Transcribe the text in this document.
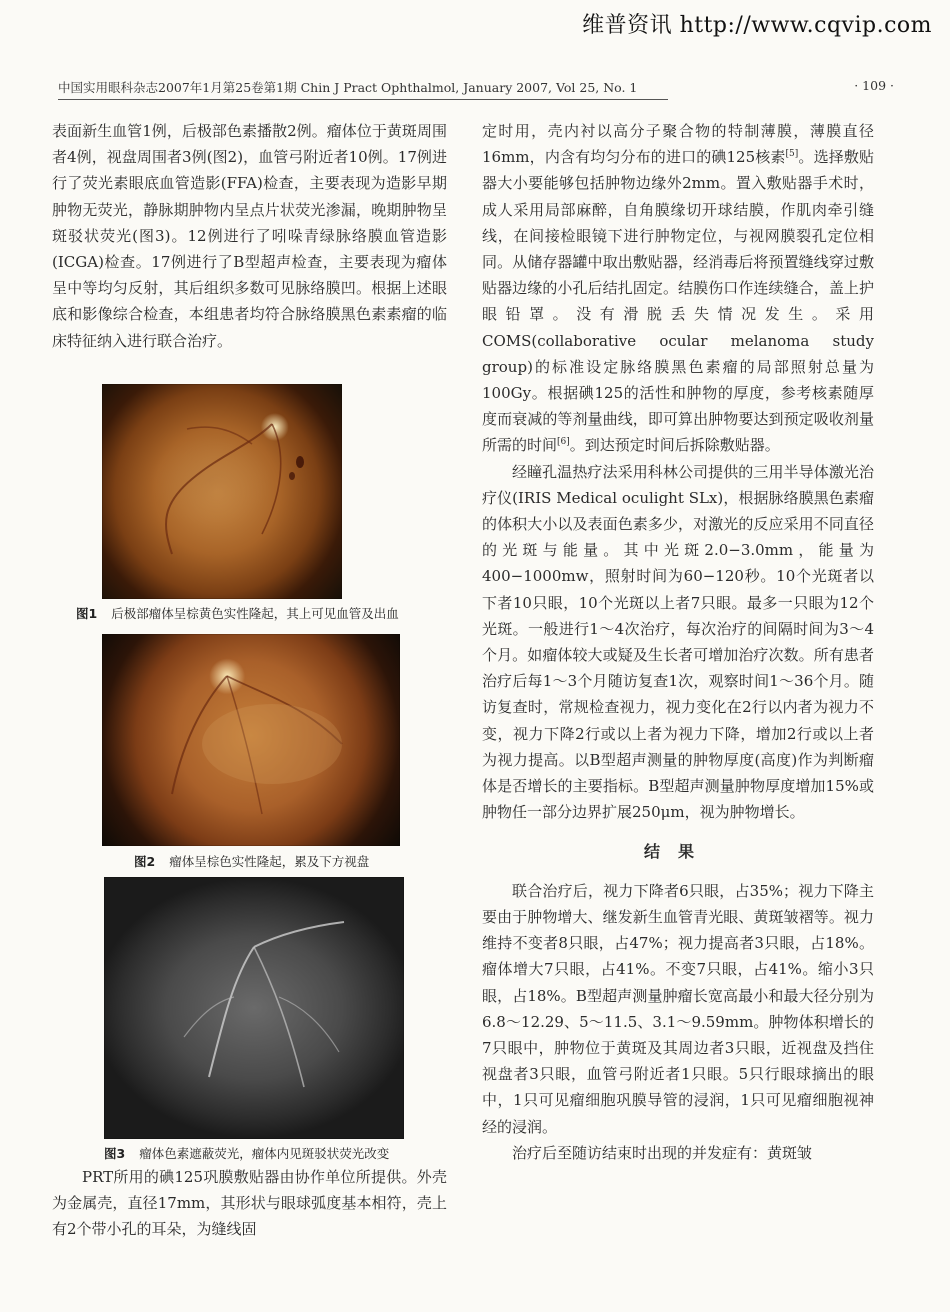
维普资讯 http://www.cqvip.com
中国实用眼科杂志2007年1月第25卷第1期 Chin J Pract Ophthalmol, January 2007, Vol 25, No. 1	· 109 ·

表面新生血管1例，后极部色素播散2例。瘤体位于黄斑周围者4例，视盘周围者3例(图2)，血管弓附近者10例。17例进行了荧光素眼底血管造影(FFA)检查，主要表现为造影早期肿物无荧光，静脉期肿物内呈点片状荧光渗漏，晚期肿物呈斑驳状荧光(图3)。12例进行了吲哚青绿脉络膜血管造影(ICGA)检查。17例进行了B型超声检查，主要表现为瘤体呈中等均匀反射，其后组织多数可见脉络膜凹。根据上述眼底和影像综合检查，本组患者均符合脉络膜黑色素素瘤的临床特征纳入进行联合治疗。

图1 后极部瘤体呈棕黄色实性隆起，其上可见血管及出血
图2 瘤体呈棕色实性隆起，累及下方视盘
图3 瘤体色素遮蔽荧光，瘤体内见斑驳状荧光改变

PRT所用的碘125巩膜敷贴器由协作单位所提供。外壳为金属壳，直径17mm，其形状与眼球弧度基本相符，壳上有2个带小孔的耳朵，为缝线固

定时用，壳内衬以高分子聚合物的特制薄膜，薄膜直径16mm，内含有均匀分布的进口的碘125核素[5]。选择敷贴器大小要能够包括肿物边缘外2mm。置入敷贴器手术时，成人采用局部麻醉，自角膜缘切开球结膜，作肌肉牵引缝线，在间接检眼镜下进行肿物定位，与视网膜裂孔定位相同。从储存器罐中取出敷贴器，经消毒后将预置缝线穿过敷贴器边缘的小孔后结扎固定。结膜伤口作连续缝合，盖上护眼铅罩。没有滑脱丢失情况发生。采用COMS(collaborative ocular melanoma study group)的标准设定脉络膜黑色素瘤的局部照射总量为100Gy。根据碘125的活性和肿物的厚度，参考核素随厚度而衰减的等剂量曲线，即可算出肿物要达到预定吸收剂量所需的时间[6]。到达预定时间后拆除敷贴器。

经瞳孔温热疗法采用科林公司提供的三用半导体激光治疗仪(IRIS Medical oculight SLx)，根据脉络膜黑色素瘤的体积大小以及表面色素多少，对激光的反应采用不同直径的光斑与能量。其中光斑2.0−3.0mm，能量为400−1000mw，照射时间为60−120秒。10个光斑者以下者10只眼，10个光斑以上者7只眼。最多一只眼为12个光斑。一般进行1～4次治疗，每次治疗的间隔时间为3～4个月。如瘤体较大或疑及生长者可增加治疗次数。所有患者治疗后每1～3个月随访复查1次，观察时间1～36个月。随访复查时，常规检查视力，视力变化在2行以内者为视力不变，视力下降2行或以上者为视力下降，增加2行或以上者为视力提高。以B型超声测量的肿物厚度(高度)作为判断瘤体是否增长的主要指标。B型超声测量肿物厚度增加15%或肿物任一部分边界扩展250μm，视为肿物增长。

结果

联合治疗后，视力下降者6只眼，占35%；视力下降主要由于肿物增大、继发新生血管青光眼、黄斑皱褶等。视力维持不变者8只眼，占47%；视力提高者3只眼，占18%。瘤体增大7只眼，占41%。不变7只眼，占41%。缩小3只眼，占18%。B型超声测量肿瘤长宽高最小和最大径分别为6.8～12.29、5～11.5、3.1～9.59mm。肿物体积增长的7只眼中，肿物位于黄斑及其周边者3只眼，近视盘及挡住视盘者3只眼，血管弓附近者1只眼。5只行眼球摘出的眼中，1只可见瘤细胞巩膜导管的浸润，1只可见瘤细胞视神经的浸润。

治疗后至随访结束时出现的并发症有：黄斑皱
